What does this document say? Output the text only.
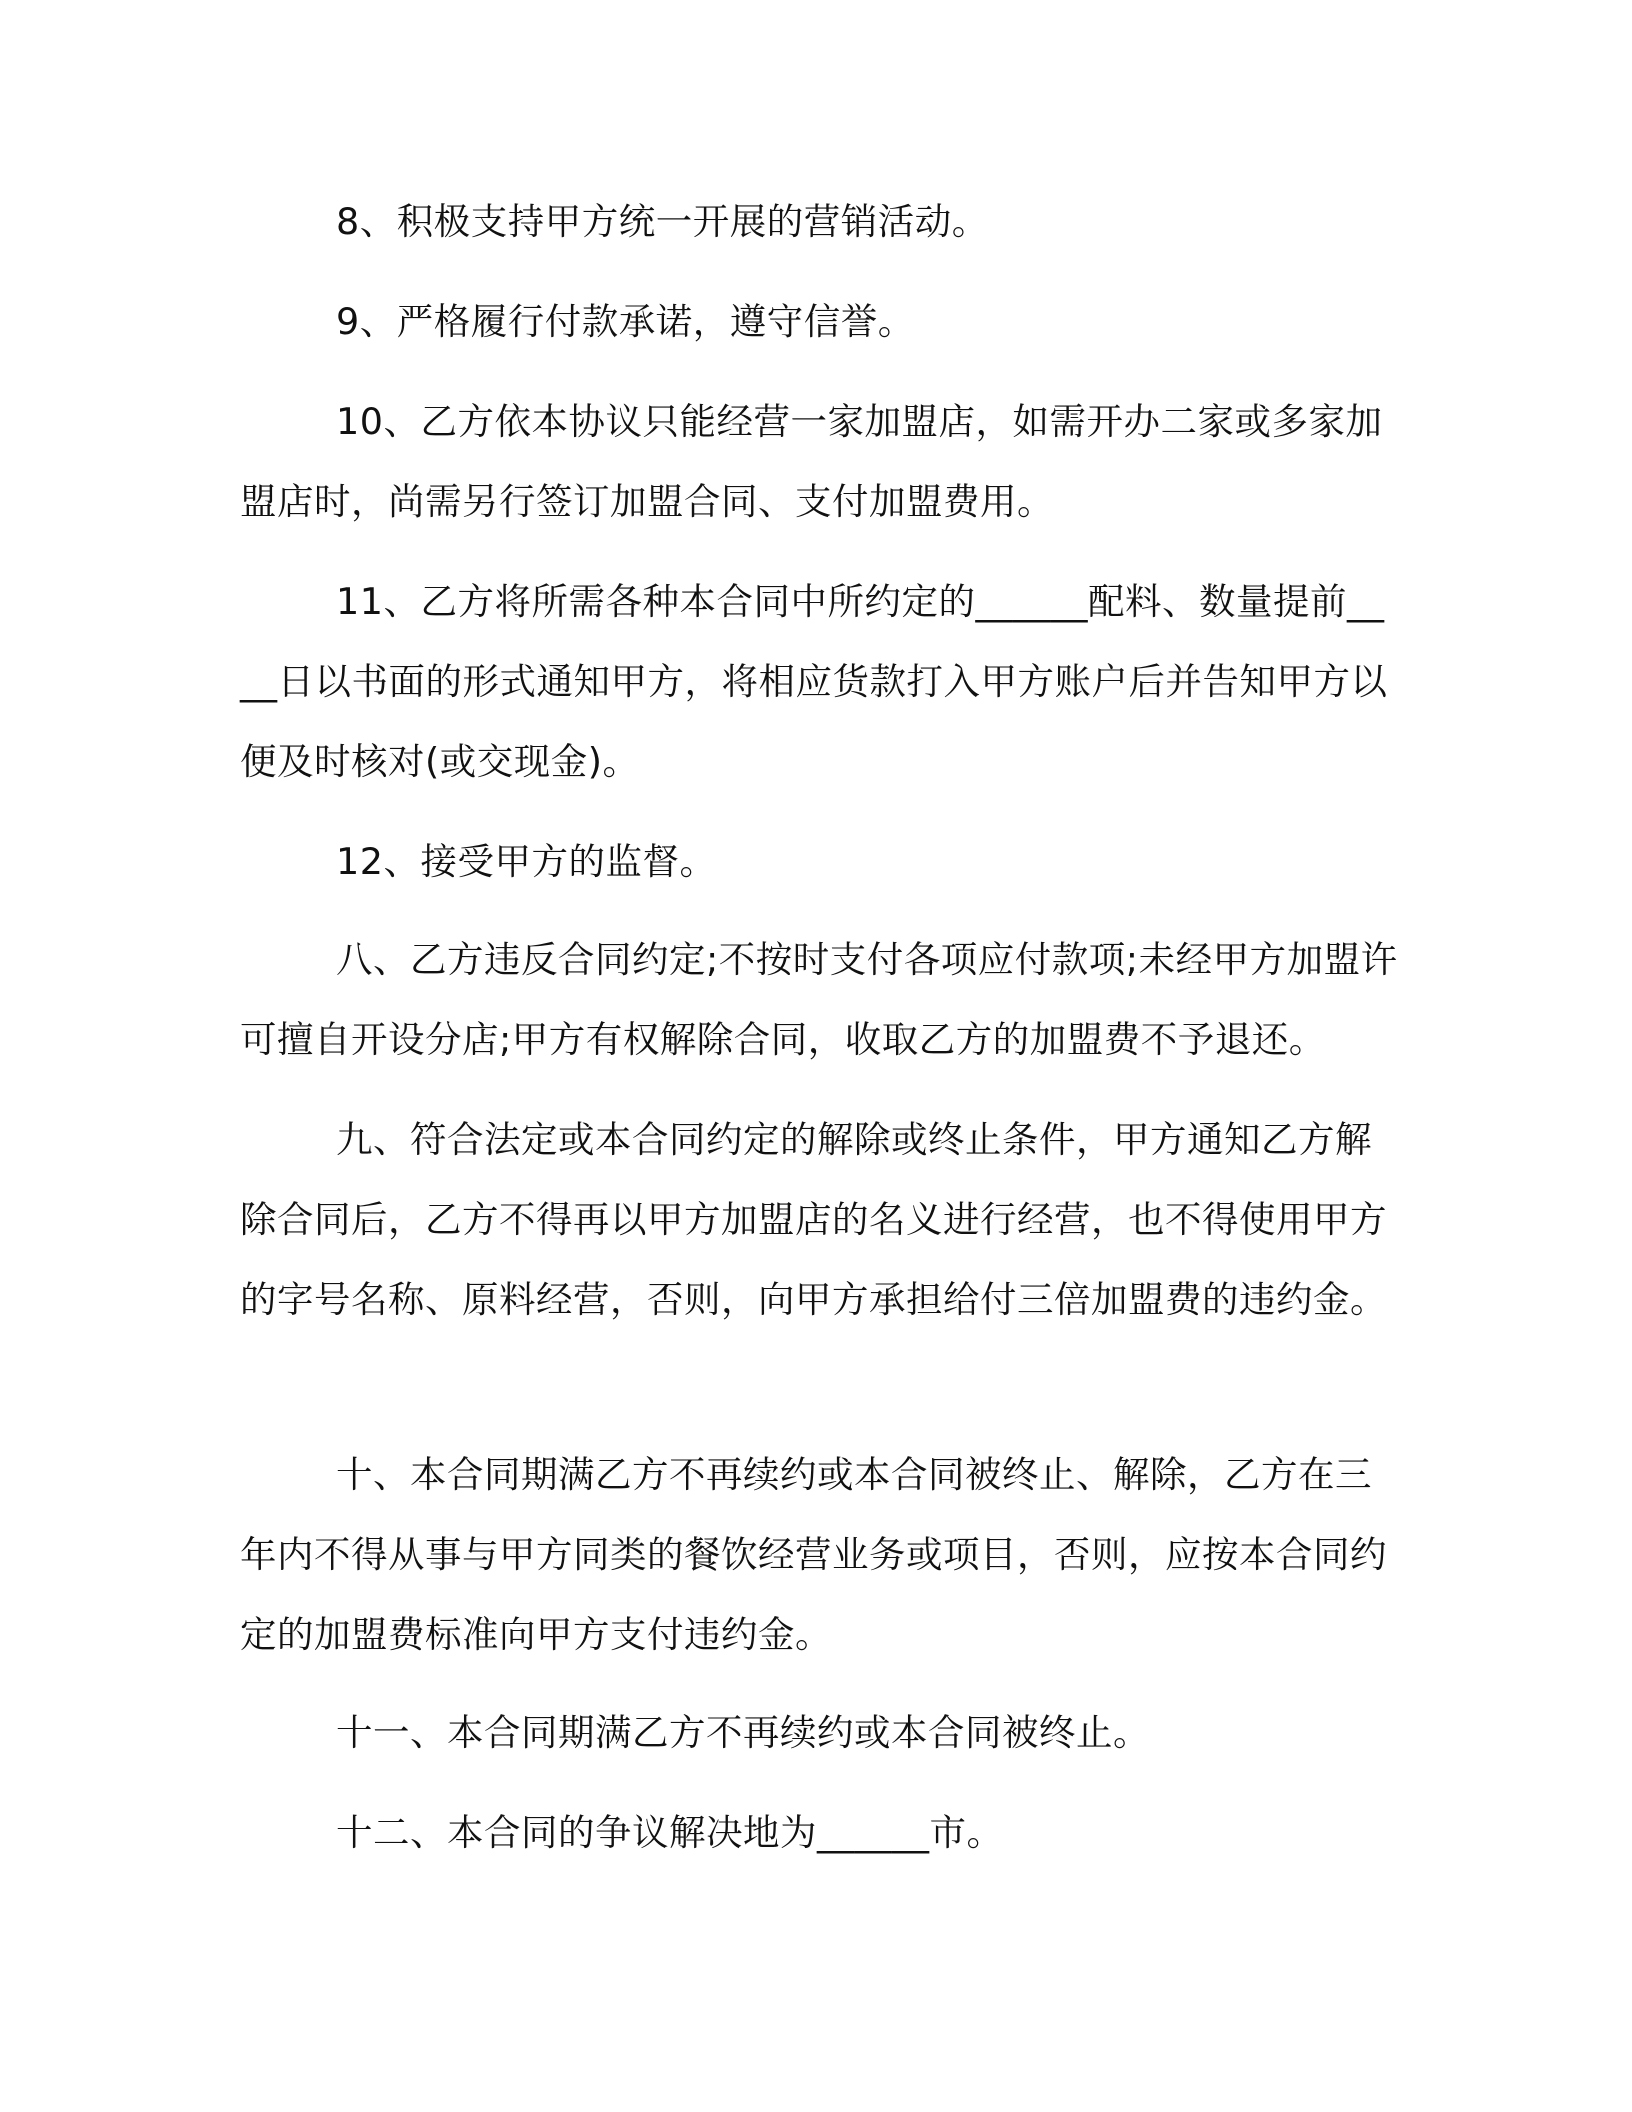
8、积极支持甲方统一开展的营销活动。

9、严格履行付款承诺，遵守信誉。

10、乙方依本协议只能经营一家加盟店，如需开办二家或多家加盟店时，尚需另行签订加盟合同、支付加盟费用。

11、乙方将所需各种本合同中所约定的______配料、数量提前____日以书面的形式通知甲方，将相应货款打入甲方账户后并告知甲方以便及时核对(或交现金)。

12、接受甲方的监督。

八、乙方违反合同约定;不按时支付各项应付款项;未经甲方加盟许可擅自开设分店;甲方有权解除合同，收取乙方的加盟费不予退还。

九、符合法定或本合同约定的解除或终止条件，甲方通知乙方解除合同后，乙方不得再以甲方加盟店的名义进行经营，也不得使用甲方的字号名称、原料经营，否则，向甲方承担给付三倍加盟费的违约金。

十、本合同期满乙方不再续约或本合同被终止、解除，乙方在三年内不得从事与甲方同类的餐饮经营业务或项目，否则，应按本合同约定的加盟费标准向甲方支付违约金。

十一、本合同期满乙方不再续约或本合同被终止。

十二、本合同的争议解决地为______市。
